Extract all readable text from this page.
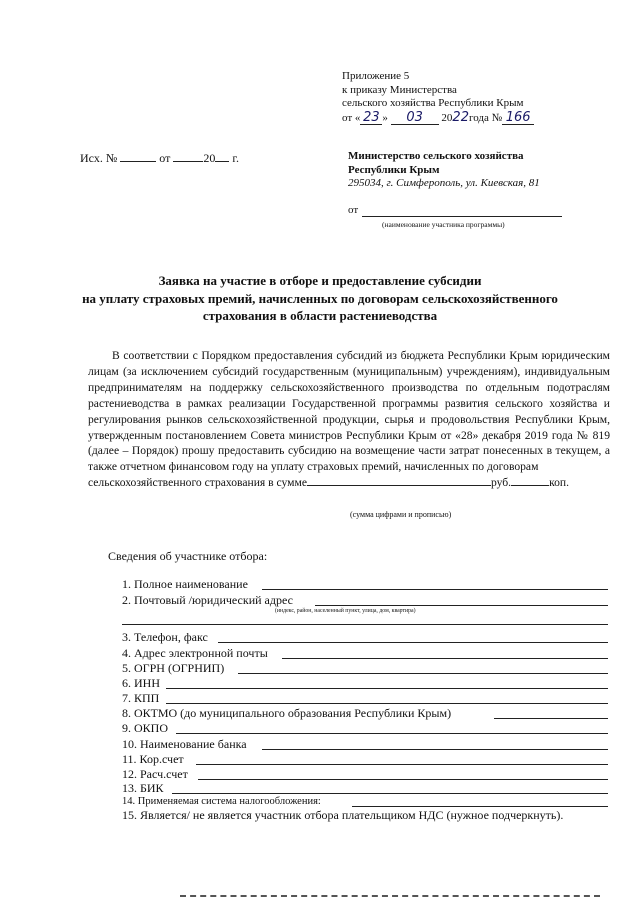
Приложение 5
к приказу Министерства
сельского хозяйства Республики Крым
от « 23 » 03 2022года № 166
Исх. №	от	20 г.	Министерство сельского хозяйства
Республики Крым
295034, г. Симферополь, ул. Киевская, 81
от
(наименование участника программы)
Заявка на участие в отборе и предоставление субсидии
на уплату страховых премий, начисленных по договорам сельскохозяйственного
страхования в области растениеводства

В соответствии с Порядком предоставления субсидий из бюджета Республики Крым юридическим лицам (за исключением субсидий государственным (муниципальным) учреждениям), индивидуальным предпринимателям на поддержку сельскохозяйственного производства по отдельным подотраслям растениеводства в рамках реализации Государственной программы развития сельского хозяйства и регулирования рынков сельскохозяйственной продукции, сырья и продовольствия Республики Крым, утвержденным постановлением Совета министров Республики Крым от «28» декабря 2019 года № 819 (далее – Порядок) прошу предоставить субсидию на возмещение части затрат понесенных в текущем, а также отчетном финансовом году на уплату страховых премий, начисленных по договорам

сельскохозяйственного страхования в сумме	руб.	коп.
(сумма цифрами и прописью)
Сведения об участнике отбора:
1. Полное наименование
2. Почтовый /юридический адрес
(индекс, район, населенный пункт, улица, дом, квартира)
3. Телефон, факс
4. Адрес электронной почты
5. ОГРН (ОГРНИП)
6. ИНН
7. КПП
8. ОКТМО (до муниципального образования Республики Крым)
9. ОКПО
10. Наименование банка
11. Кор.счет
12. Расч.счет
13. БИК
14. Применяемая система налогообложения:
15. Является/ не является участник отбора плательщиком НДС (нужное подчеркнуть).
